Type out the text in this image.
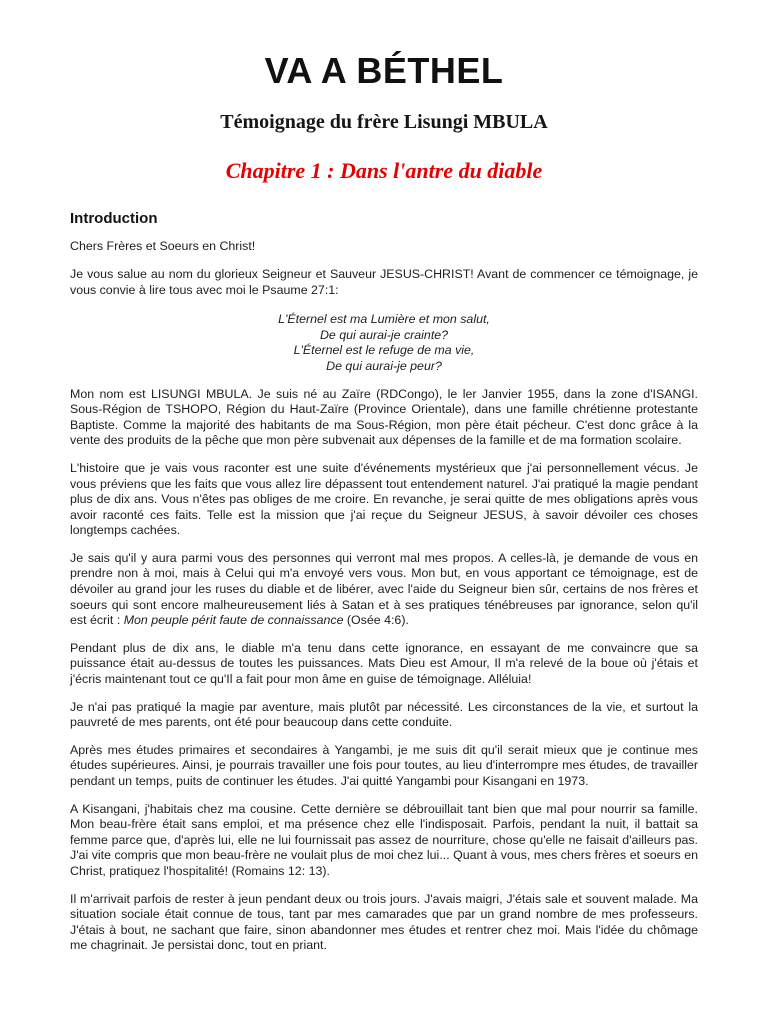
VA A BÉTHEL
Témoignage du frère Lisungi MBULA
Chapitre 1 : Dans l'antre du diable
Introduction

Chers Frères et Soeurs en Christ!

Je vous salue au nom du glorieux Seigneur et Sauveur JESUS-CHRIST! Avant de commencer ce témoignage, je vous convie à lire tous avec moi le Psaume 27:1:

L'Éternel est ma Lumière et mon salut,
De qui aurai-je crainte?
L'Éternel est le refuge de ma vie,
De qui aurai-je peur?

Mon nom est LISUNGI MBULA. Je suis né au Zaïre (RDCongo), le ler Janvier 1955, dans la zone d'ISANGI. Sous-Région de TSHOPO, Région du Haut-Zaïre (Province Orientale), dans une famille chrétienne protestante Baptiste. Comme la majorité des habitants de ma Sous-Région, mon père était pécheur. C'est donc grâce à la vente des produits de la pêche que mon père subvenait aux dépenses de la famille et de ma formation scolaire.

L'histoire que je vais vous raconter est une suite d'événements mystérieux que j'ai personnellement vécus. Je vous préviens que les faits que vous allez lire dépassent tout entendement naturel. J'ai pratiqué la magie pendant plus de dix ans. Vous n'êtes pas obliges de me croire. En revanche, je serai quitte de mes obligations après vous avoir raconté ces faits. Telle est la mission que j'ai reçue du Seigneur JESUS, à savoir dévoiler ces choses longtemps cachées.

Je sais qu'il y aura parmi vous des personnes qui verront mal mes propos. A celles-là, je demande de vous en prendre non à moi, mais à Celui qui m'a envoyé vers vous. Mon but, en vous apportant ce témoignage, est de dévoiler au grand jour les ruses du diable et de libérer, avec l'aide du Seigneur bien sûr, certains de nos frères et soeurs qui sont encore malheureusement liés à Satan et à ses pratiques ténébreuses par ignorance, selon qu'il est écrit : Mon peuple périt faute de connaissance (Osée 4:6).

Pendant plus de dix ans, le diable m'a tenu dans cette ignorance, en essayant de me convaincre que sa puissance était au-dessus de toutes les puissances. Mats Dieu est Amour, Il m'a relevé de la boue où j'étais et j'écris maintenant tout ce qu'Il a fait pour mon âme en guise de témoignage. Alléluia!

Je n'ai pas pratiqué la magie par aventure, mais plutôt par nécessité. Les circonstances de la vie, et surtout la pauvreté de mes parents, ont été pour beaucoup dans cette conduite.

Après mes études primaires et secondaires à Yangambi, je me suis dit qu'il serait mieux que je continue mes études supérieures. Ainsi, je pourrais travailler une fois pour toutes, au lieu d'interrompre mes études, de travailler pendant un temps, puits de continuer les études. J'ai quitté Yangambi pour Kisangani en 1973.

A Kisangani, j'habitais chez ma cousine. Cette dernière se débrouillait tant bien que mal pour nourrir sa famille. Mon beau-frère était sans emploi, et ma présence chez elle l'indisposait. Parfois, pendant la nuit, il battait sa femme parce que, d'après lui, elle ne lui fournissait pas assez de nourriture, chose qu'elle ne faisait d'ailleurs pas. J'ai vite compris que mon beau-frère ne voulait plus de moi chez lui... Quant à vous, mes chers frères et soeurs en Christ, pratiquez l'hospitalité! (Romains 12: 13).

Il m'arrivait parfois de rester à jeun pendant deux ou trois jours. J'avais maigri, J'étais sale et souvent malade. Ma situation sociale était connue de tous, tant par mes camarades que par un grand nombre de mes professeurs. J'étais à bout, ne sachant que faire, sinon abandonner mes études et rentrer chez moi. Mais l'idée du chômage me chagrinait. Je persistai donc, tout en priant.
